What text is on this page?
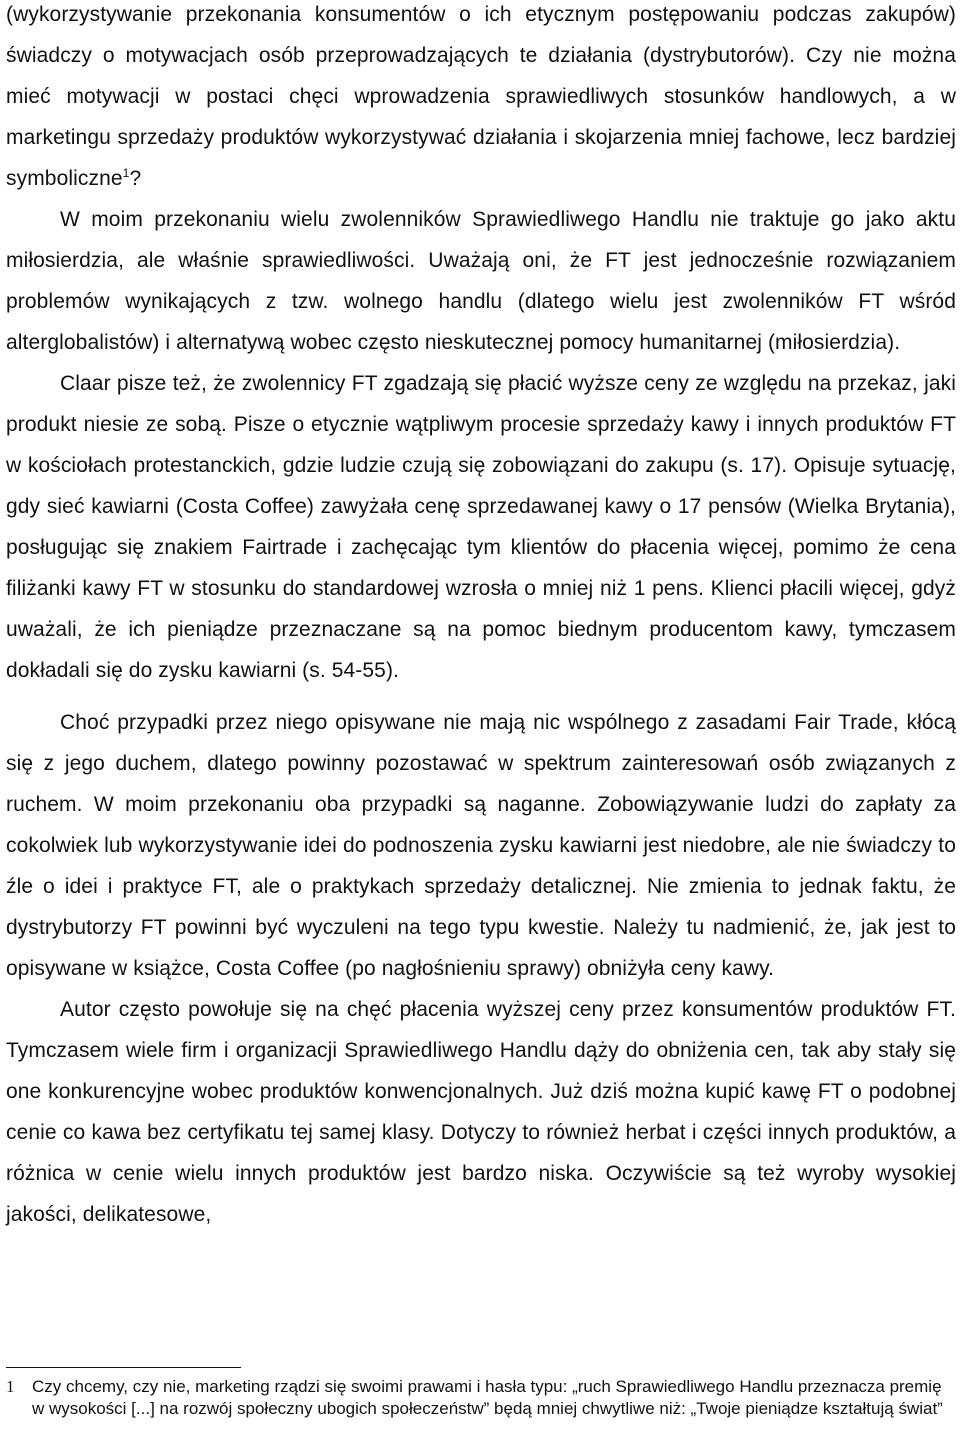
(wykorzystywanie przekonania konsumentów o ich etycznym postępowaniu podczas zakupów) świadczy o motywacjach osób przeprowadzających te działania (dystrybutorów). Czy nie można mieć motywacji w postaci chęci wprowadzenia sprawiedliwych stosunków handlowych, a w marketingu sprzedaży produktów wykorzystywać działania i skojarzenia mniej fachowe, lecz bardziej symboliczne$^1$?

W moim przekonaniu wielu zwolenników Sprawiedliwego Handlu nie traktuje go jako aktu miłosierdzia, ale właśnie sprawiedliwości. Uważają oni, że FT jest jednocześnie rozwiązaniem problemów wynikających z tzw. wolnego handlu (dlatego wielu jest zwolenników FT wśród alterglobalistów) i alternatywą wobec często nieskutecznej pomocy humanitarnej (miłosierdzia).

Claar pisze też, że zwolennicy FT zgadzają się płacić wyższe ceny ze względu na przekaz, jaki produkt niesie ze sobą. Pisze o etycznie wątpliwym procesie sprzedaży kawy i innych produktów FT w kościołach protestanckich, gdzie ludzie czują się zobowiązani do zakupu (s. 17). Opisuje sytuację, gdy sieć kawiarni (Costa Coffee) zawyżała cenę sprzedawanej kawy o 17 pensów (Wielka Brytania), posługując się znakiem Fairtrade i zachęcając tym klientów do płacenia więcej, pomimo że cena filiżanki kawy FT w stosunku do standardowej wzrosła o mniej niż 1 pens. Klienci płacili więcej, gdyż uważali, że ich pieniądze przeznaczane są na pomoc biednym producentom kawy, tymczasem dokładali się do zysku kawiarni (s. 54-55).

Choć przypadki przez niego opisywane nie mają nic wspólnego z zasadami Fair Trade, kłócą się z jego duchem, dlatego powinny pozostawać w spektrum zainteresowań osób związanych z ruchem. W moim przekonaniu oba przypadki są naganne. Zobowiązywanie ludzi do zapłaty za cokolwiek lub wykorzystywanie idei do podnoszenia zysku kawiarni jest niedobre, ale nie świadczy to źle o idei i praktyce FT, ale o praktykach sprzedaży detalicznej. Nie zmienia to jednak faktu, że dystrybutorzy FT powinni być wyczuleni na tego typu kwestie. Należy tu nadmienić, że, jak jest to opisywane w książce, Costa Coffee (po nagłośnieniu sprawy) obniżyła ceny kawy.

Autor często powołuje się na chęć płacenia wyższej ceny przez konsumentów produktów FT. Tymczasem wiele firm i organizacji Sprawiedliwego Handlu dąży do obniżenia cen, tak aby stały się one konkurencyjne wobec produktów konwencjonalnych. Już dziś można kupić kawę FT o podobnej cenie co kawa bez certyfikatu tej samej klasy. Dotyczy to również herbat i części innych produktów, a różnica w cenie wielu innych produktów jest bardzo niska. Oczywiście są też wyroby wysokiej jakości, delikatesowe,

1	Czy chcemy, czy nie, marketing rządzi się swoimi prawami i hasła typu: „ruch Sprawiedliwego Handlu przeznacza premię w wysokości [...] na rozwój społeczny ubogich społeczeństw” będą mniej chwytliwe niż: „Twoje pieniądze kształtują świat”
